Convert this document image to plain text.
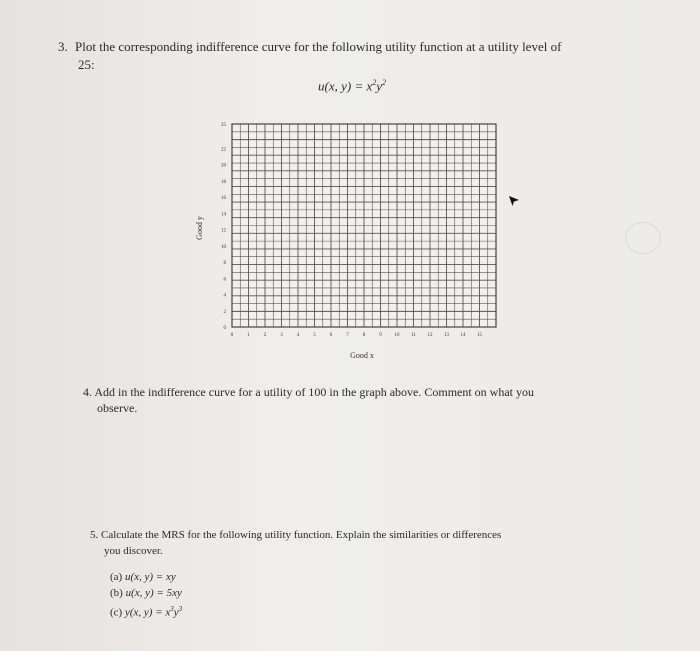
3. Plot the corresponding indifference curve for the following utility function at a utility level of
25:
u(x, $y) = x^2y^2$
0
2
4
6
8
10
12
14
16
18
20
22
25
0	1	2	3	4	5	6	7	8	9	10 11 12 13 14 15
Good y
Good x
4. Add in the indifference curve for a utility of 100 in the graph above. Comment on what you
observe.
5. Calculate the MRS for the following utility function. Explain the similarities or differences
you discover.
(a) u(x, y) = xy
(b) u(x, y) = 5xy
(c) y(x, $y) = x^3y^3$
